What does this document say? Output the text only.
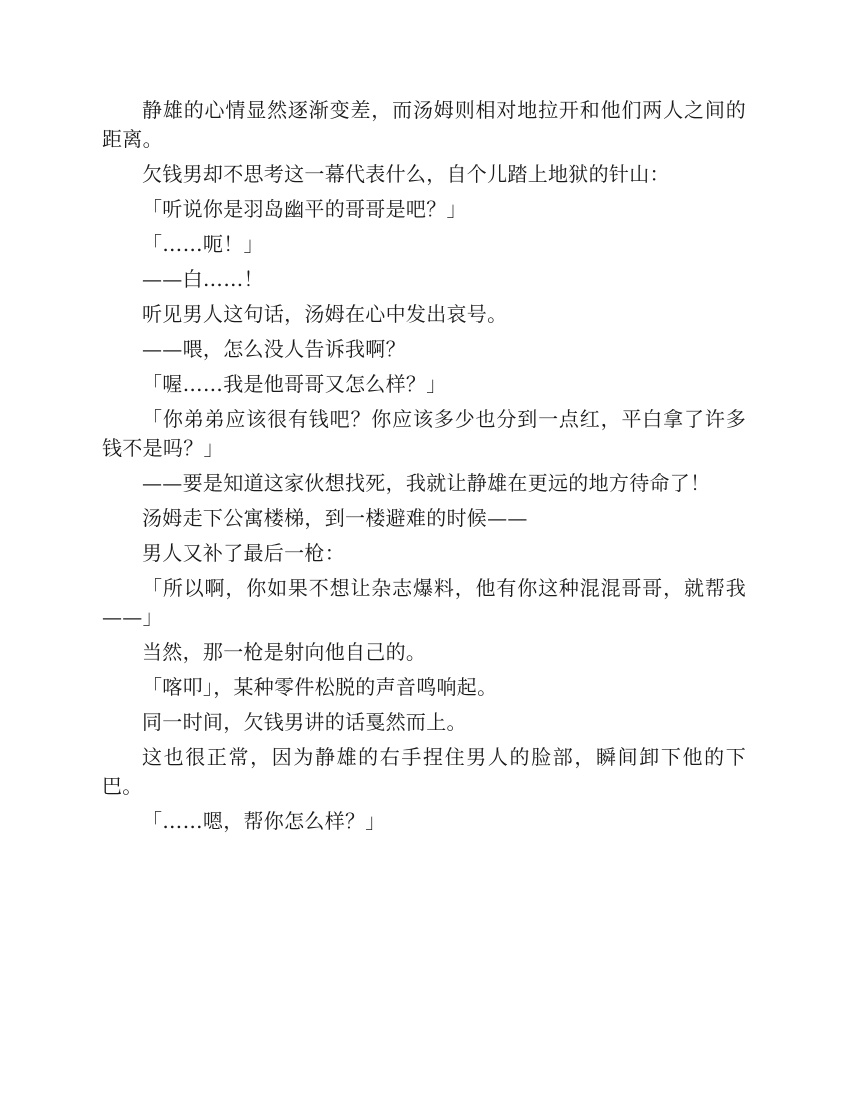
静雄的心情显然逐渐变差，而汤姆则相对地拉开和他们两人之间的距离。

欠钱男却不思考这一幕代表什么，自个儿踏上地狱的针山：

「听说你是羽岛幽平的哥哥是吧？」

「……呃！」

——白……！

听见男人这句话，汤姆在心中发出哀号。

——喂，怎么没人告诉我啊？

「喔……我是他哥哥又怎么样？」

「你弟弟应该很有钱吧？你应该多少也分到一点红，平白拿了许多钱不是吗？」

——要是知道这家伙想找死，我就让静雄在更远的地方待命了！

汤姆走下公寓楼梯，到一楼避难的时候——

男人又补了最后一枪：

「所以啊，你如果不想让杂志爆料，他有你这种混混哥哥，就帮我——」

当然，那一枪是射向他自己的。

「喀叩」，某种零件松脱的声音鸣响起。

同一时间，欠钱男讲的话戛然而上。

这也很正常，因为静雄的右手捏住男人的脸部，瞬间卸下他的下巴。

「……嗯，帮你怎么样？」
